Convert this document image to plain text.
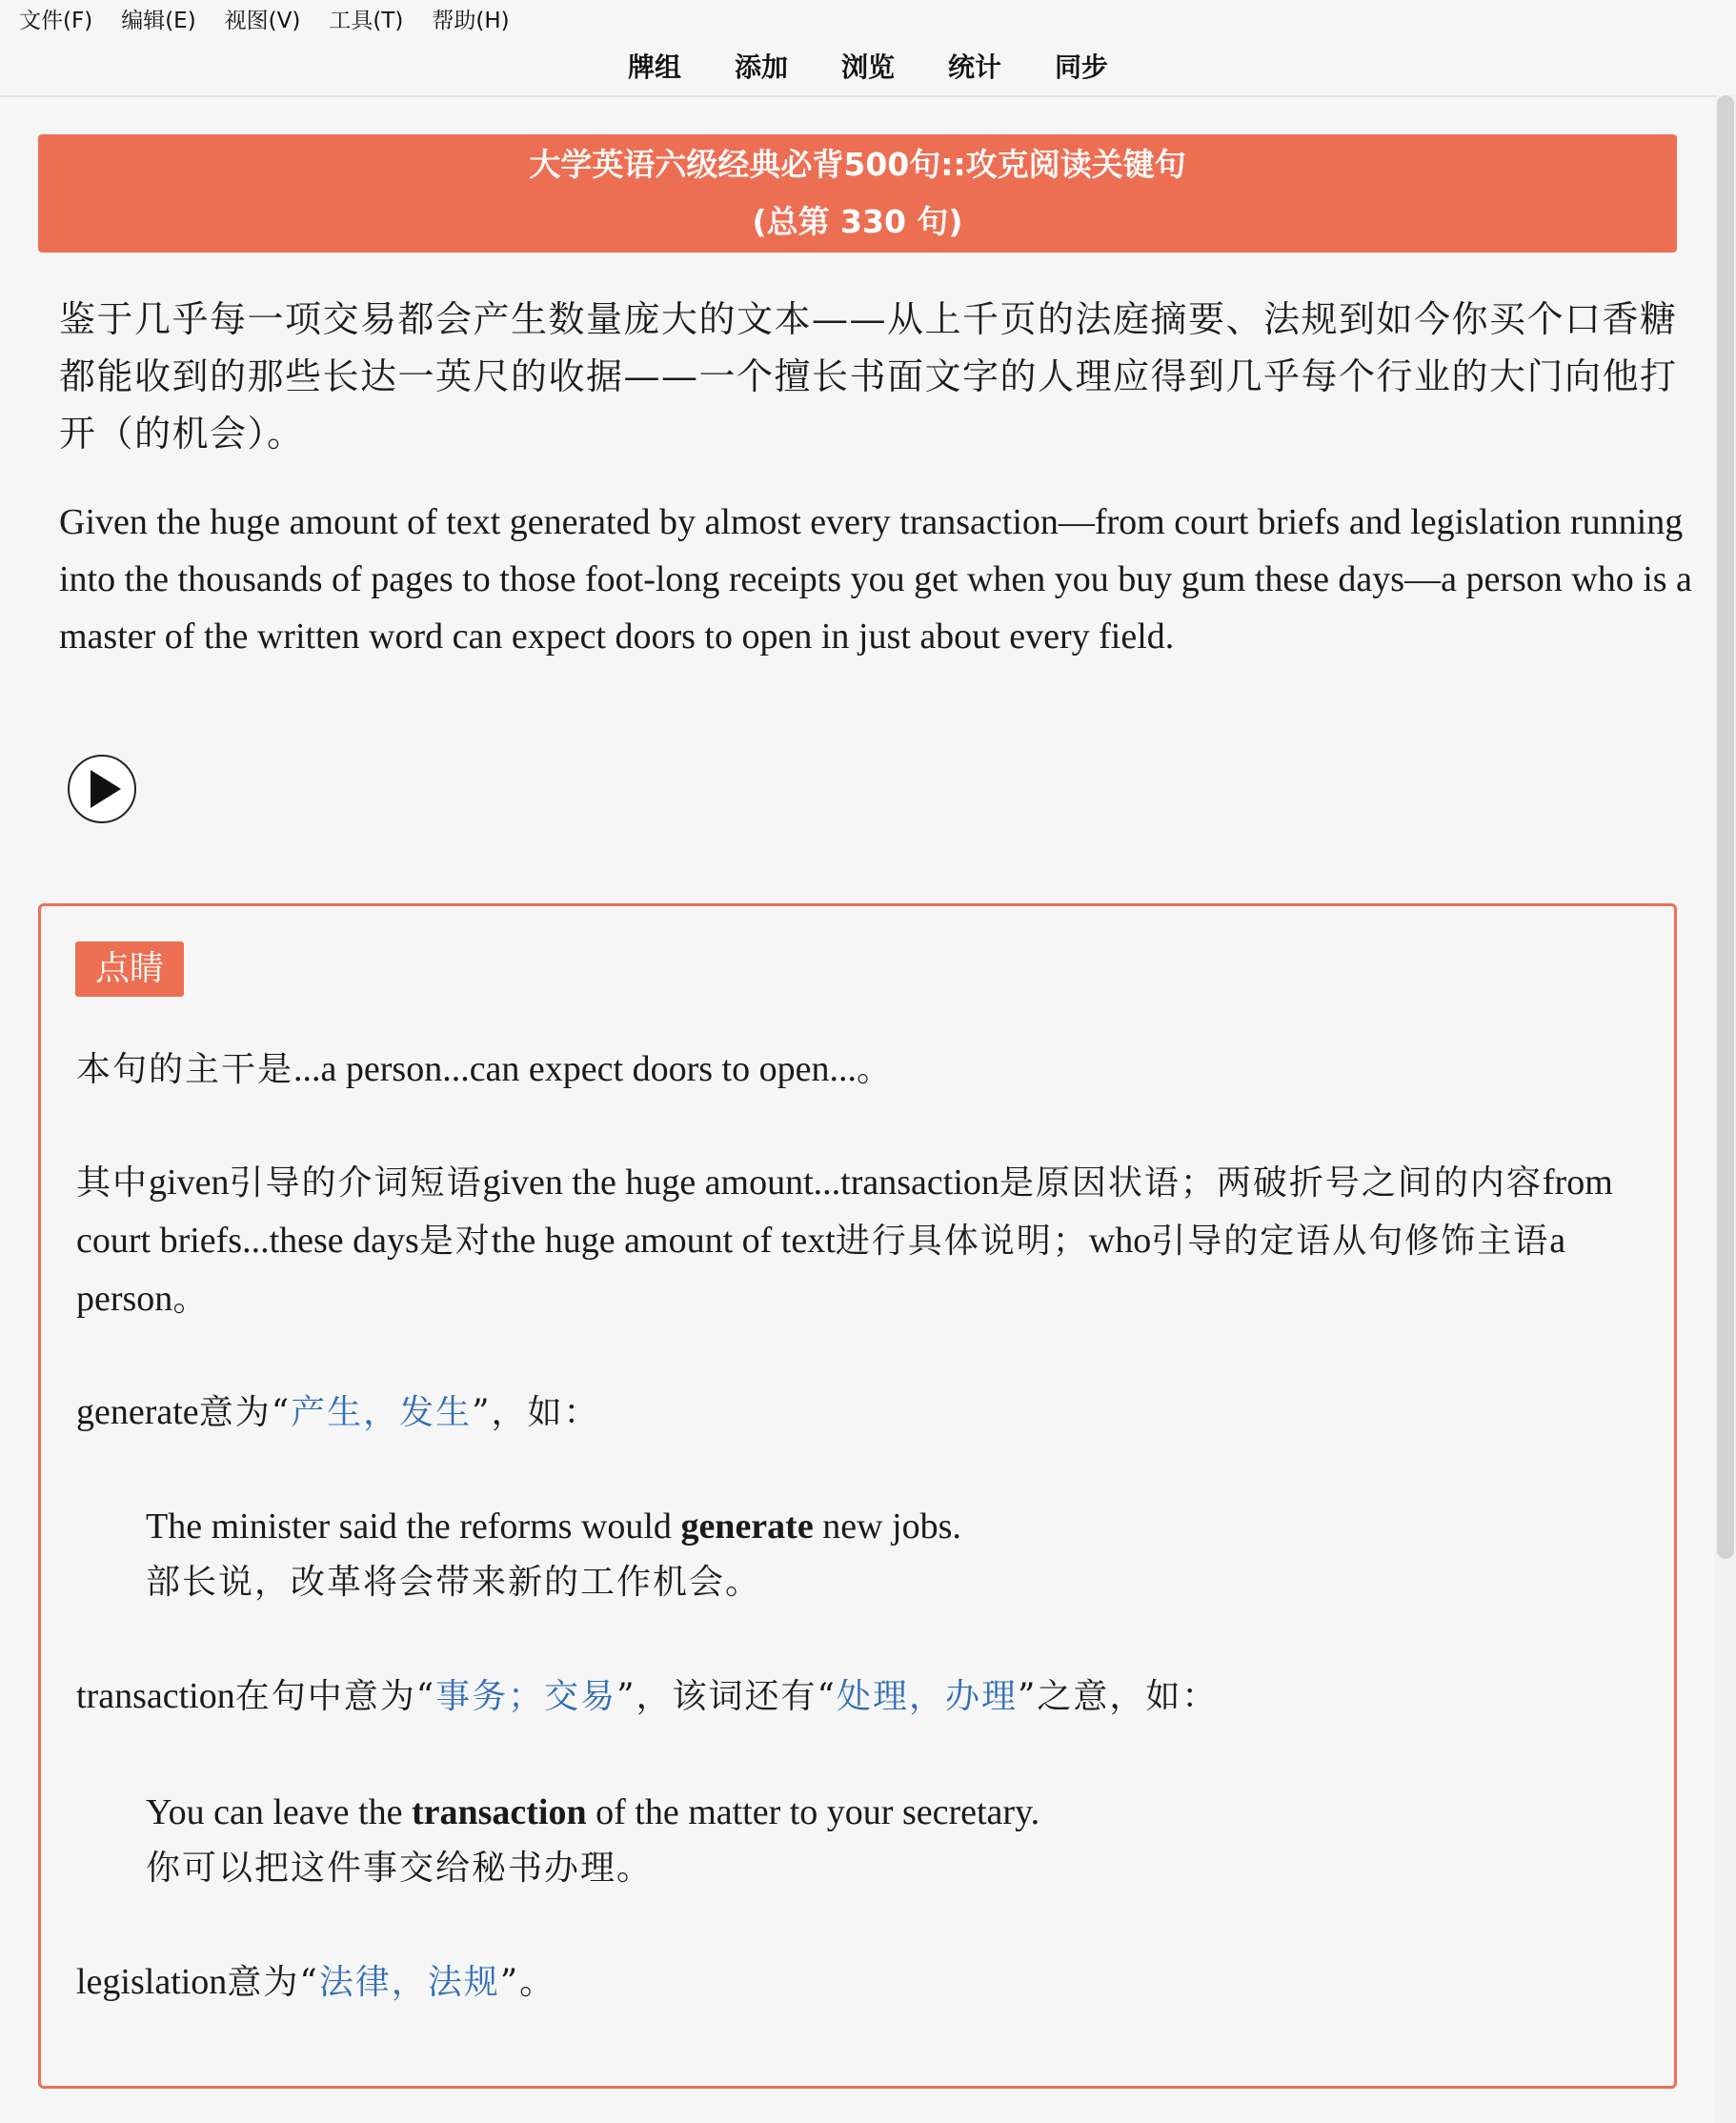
文件(F) 编辑(E) 视图(V) 工具(T) 帮助(H)
牌组 添加 浏览 统计 同步
大学英语六级经典必背500句::攻克阅读关键句
(总第 330 句)
鉴于几乎每一项交易都会产生数量庞大的文本——从上千页的法庭摘要、法规到如今你买个口香糖都能收到的那些长达一英尺的收据——一个擅长书面文字的人理应得到几乎每个行业的大门向他打开（的机会）。
Given the huge amount of text generated by almost every transaction—from court briefs and legislation running into the thousands of pages to those foot-long receipts you get when you buy gum these days—a person who is a master of the written word can expect doors to open in just about every field.
点睛
本句的主干是...a person...can expect doors to open...。
其中given引导的介词短语given the huge amount...transaction是原因状语；两破折号之间的内容from court briefs...these days是对the huge amount of text进行具体说明；who引导的定语从句修饰主语a person。
generate意为“产生，发生”，如：
The minister said the reforms would generate new jobs.
部长说，改革将会带来新的工作机会。
transaction在句中意为“事务；交易”，该词还有“处理，办理”之意，如：
You can leave the transaction of the matter to your secretary.
你可以把这件事交给秘书办理。
legislation意为“法律，法规”。
